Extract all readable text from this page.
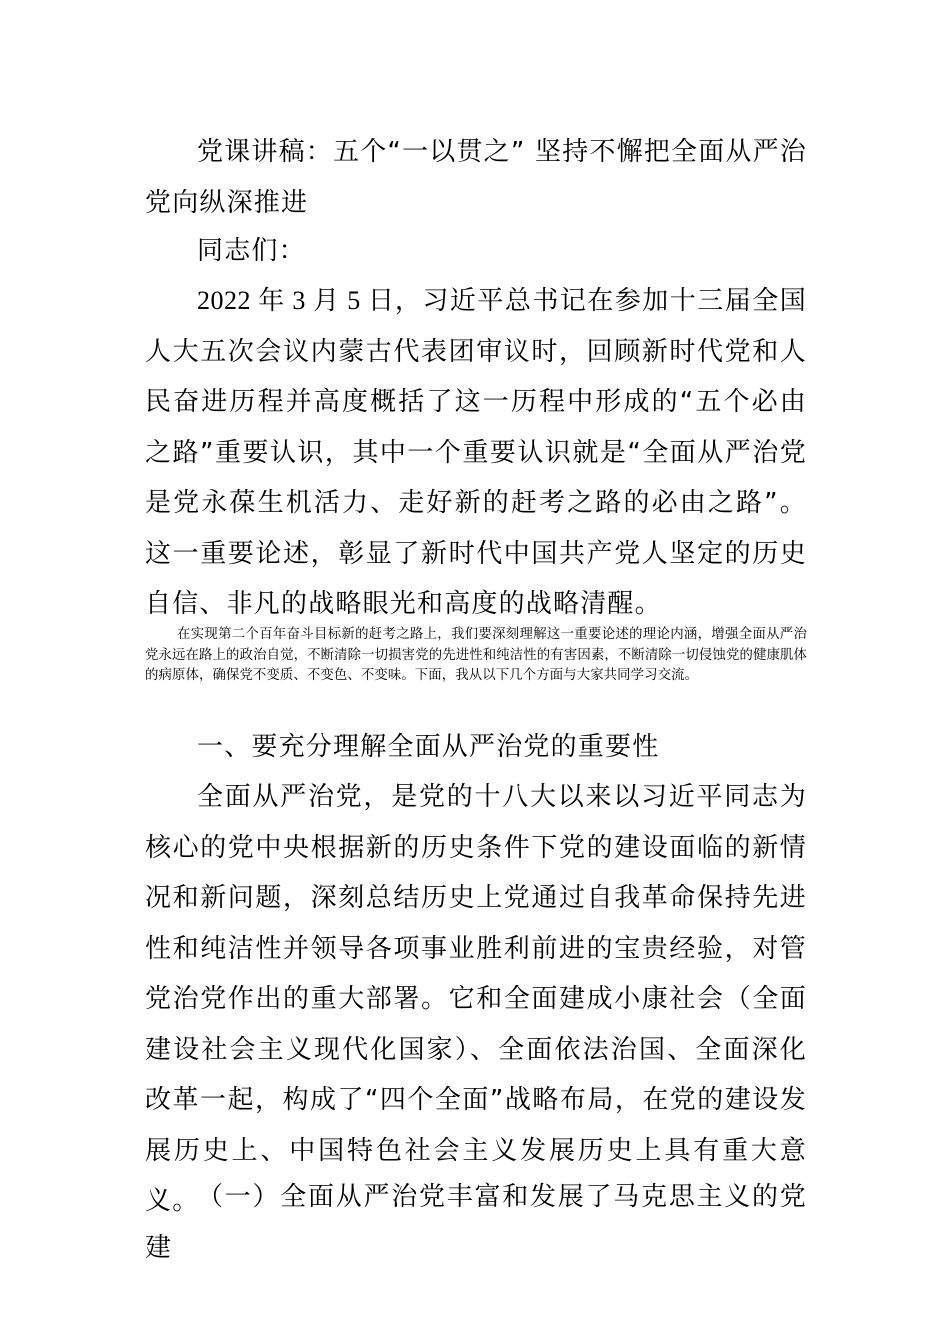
党课讲稿：五个“一以贯之” 坚持不懈把全面从严治党向纵深推进

同志们：

2022 年 3 月 5 日，习近平总书记在参加十三届全国人大五次会议内蒙古代表团审议时，回顾新时代党和人民奋进历程并高度概括了这一历程中形成的“五个必由之路”重要认识，其中一个重要认识就是“全面从严治党是党永葆生机活力、走好新的赶考之路的必由之路”。这一重要论述，彰显了新时代中国共产党人坚定的历史自信、非凡的战略眼光和高度的战略清醒。

在实现第二个百年奋斗目标新的赶考之路上，我们要深刻理解这一重要论述的理论内涵，增强全面从严治党永远在路上的政治自觉，不断清除一切损害党的先进性和纯洁性的有害因素，不断清除一切侵蚀党的健康肌体的病原体，确保党不变质、不变色、不变味。下面，我从以下几个方面与大家共同学习交流。

一、要充分理解全面从严治党的重要性

全面从严治党，是党的十八大以来以习近平同志为核心的党中央根据新的历史条件下党的建设面临的新情况和新问题，深刻总结历史上党通过自我革命保持先进性和纯洁性并领导各项事业胜利前进的宝贵经验，对管党治党作出的重大部署。它和全面建成小康社会（全面建设社会主义现代化国家）、全面依法治国、全面深化改革一起，构成了“四个全面”战略布局，在党的建设发展历史上、中国特色社会主义发展历史上具有重大意义。

（一）全面从严治党丰富和发展了马克思主义的党建
